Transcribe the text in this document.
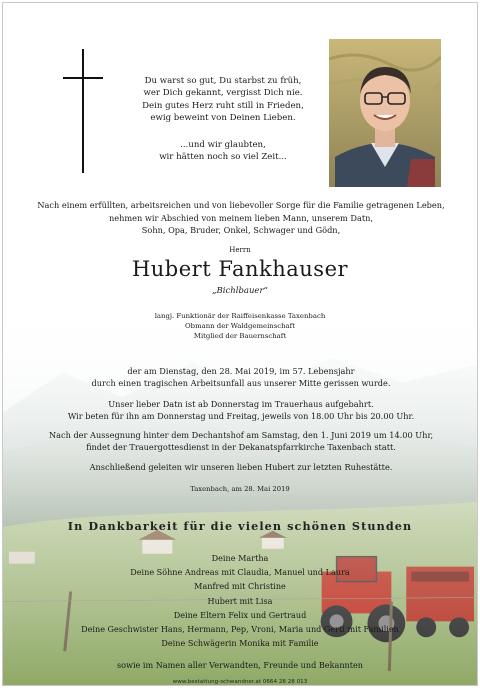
Du warst so gut, Du starbst zu früh,
wer Dich gekannt, vergisst Dich nie.
Dein gutes Herz ruht still in Frieden,
ewig beweint von Deinen Lieben.
...und wir glaubten,
wir hätten noch so viel Zeit...
Nach einem erfüllten, arbeitsreichen und von liebevoller Sorge für die Familie getragenen Leben,
nehmen wir Abschied von meinem lieben Mann, unserem Datn,
Sohn, Opa, Bruder, Onkel, Schwager und Gödn,
Herrn
Hubert Fankhauser
„Bichlbauer“
langj. Funktionär der Raiffeisenkasse Taxenbach
Obmann der Waldgemeinschaft
Mitglied der Bauernschaft
der am Dienstag, den 28. Mai 2019, im 57. Lebensjahr
durch einen tragischen Arbeitsunfall aus unserer Mitte gerissen wurde.
Unser lieber Datn ist ab Donnerstag im Trauerhaus aufgebahrt.
Wir beten für ihn am Donnerstag und Freitag, jeweils von 18.00 Uhr bis 20.00 Uhr.
Nach der Aussegnung hinter dem Dechantshof am Samstag, den 1. Juni 2019 um 14.00 Uhr,
findet der Trauergottesdienst in der Dekanatspfarrkirche Taxenbach statt.
Anschließend geleiten wir unseren lieben Hubert zur letzten Ruhestätte.
Taxenbach, am 28. Mai 2019
In Dankbarkeit für die vielen schönen Stunden
Deine Martha
Deine Söhne Andreas mit Claudia, Manuel und Laura
Manfred mit Christine
Hubert mit Lisa
Deine Eltern Felix und Gertraud
Deine Geschwister Hans, Hermann, Pep, Vroni, Maria und Gerti mit Familien
Deine Schwägerin Monika mit Familie
sowie im Namen aller Verwandten, Freunde und Bekannten
www.bestattung-schwandner.at 0664 28 28 013
